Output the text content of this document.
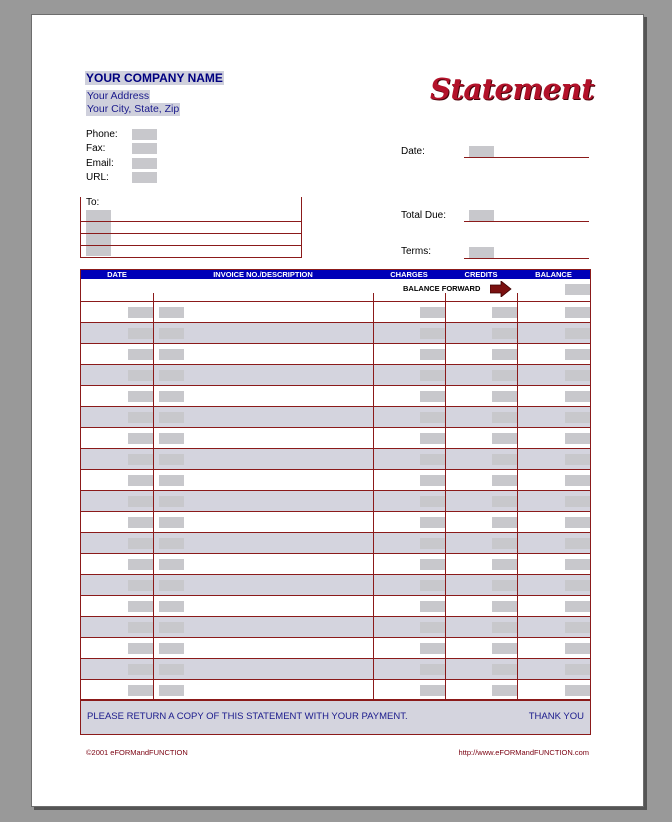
YOUR COMPANY NAME
Your Address
Your City, State, Zip
Statement
Phone:
Fax:
Email:
URL:
Date:
Total Due:
Terms:
To:
DATE	INVOICE NO./DESCRIPTION	CHARGES	CREDITS	BALANCE
BALANCE FORWARD
PLEASE RETURN A COPY OF THIS STATEMENT WITH YOUR PAYMENT.	THANK YOU
©2001 eFORMandFUNCTION	http://www.eFORMandFUNCTION.com
